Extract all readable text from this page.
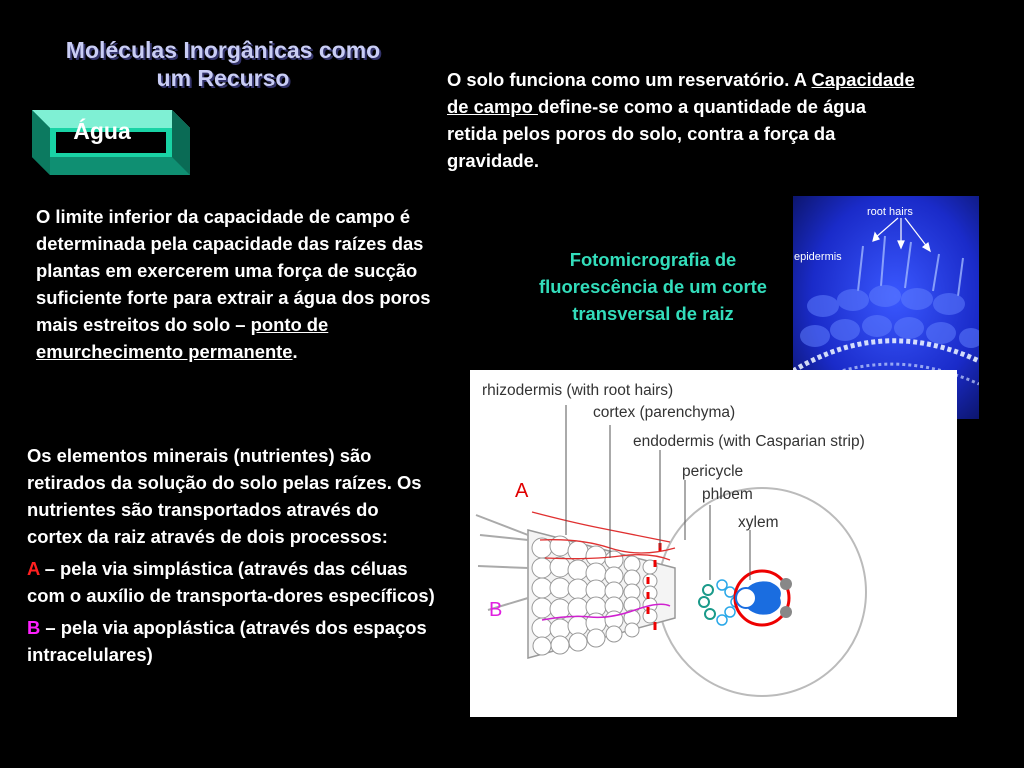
Moléculas Inorgânicas como
um Recurso
Água
O solo funciona como um reservatório. A Capacidade de campo define-se como a quantidade de água retida pelos poros do solo, contra a força da gravidade.
O limite inferior da capacidade de campo é determinada pela capacidade das raízes das plantas em exercerem uma força de sucção suficiente forte para extrair a água dos poros mais estreitos do solo – ponto de emurchecimento permanente.
Os elementos minerais (nutrientes) são retirados da solução do solo pelas raízes. Os nutrientes são transportados através do cortex da raiz através de dois processos:
A – pela via simplástica (através das céluas com o auxílio de transporta-dores específicos)
B – pela via apoplástica (através dos espaços intracelulares)
Fotomicrografia de fluorescência de um corte transversal de raiz
root hairs
epidermis
rhizodermis (with root hairs)
cortex (parenchyma)
endodermis (with Casparian strip)
pericycle
phloem
xylem
A
B
